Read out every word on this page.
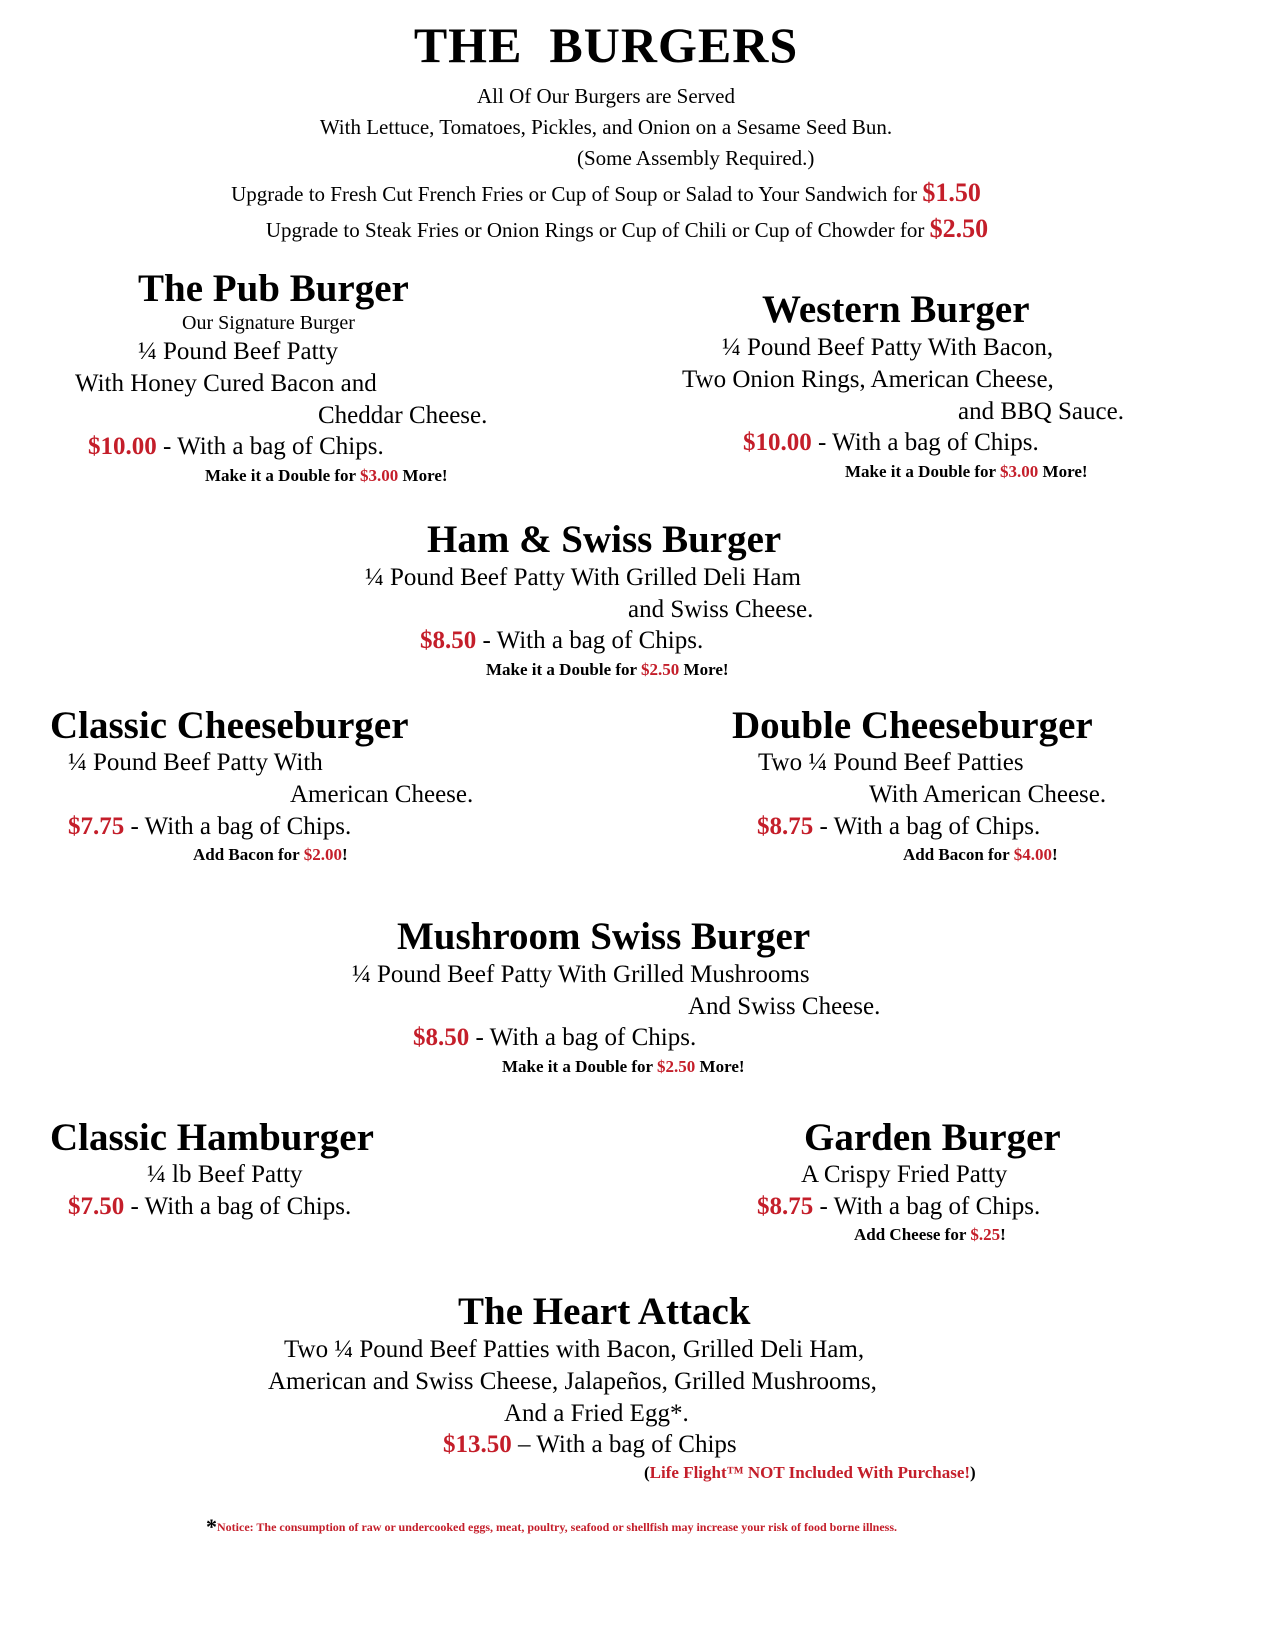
THE  BURGERS
All Of Our Burgers are Served
With Lettuce, Tomatoes, Pickles, and Onion on a Sesame Seed Bun.
(Some Assembly Required.)
Upgrade to Fresh Cut French Fries or Cup of Soup or Salad to Your Sandwich for $1.50
Upgrade to Steak Fries or Onion Rings or Cup of Chili or Cup of Chowder for $2.50
The Pub Burger
Our Signature Burger
¼ Pound Beef Patty
With Honey Cured Bacon and
Cheddar Cheese.
$10.00 - With a bag of Chips.
Make it a Double for $3.00 More!
Western Burger
¼ Pound Beef Patty With Bacon,
Two Onion Rings, American Cheese,
and BBQ Sauce.
$10.00 - With a bag of Chips.
Make it a Double for $3.00 More!
Ham & Swiss Burger
¼ Pound Beef Patty With Grilled Deli Ham
and Swiss Cheese.
$8.50 - With a bag of Chips.
Make it a Double for $2.50 More!
Classic Cheeseburger
¼ Pound Beef Patty With
American Cheese.
$7.75 - With a bag of Chips.
Add Bacon for $2.00!
Double Cheeseburger
Two ¼ Pound Beef Patties
With American Cheese.
$8.75 - With a bag of Chips.
Add Bacon for $4.00!
Mushroom Swiss Burger
¼ Pound Beef Patty With Grilled Mushrooms
And Swiss Cheese.
$8.50 - With a bag of Chips.
Make it a Double for $2.50 More!
Classic Hamburger
¼ lb Beef Patty
$7.50 - With a bag of Chips.
Garden Burger
A Crispy Fried Patty
$8.75 - With a bag of Chips.
Add Cheese for $.25!
The Heart Attack
Two ¼ Pound Beef Patties with Bacon, Grilled Deli Ham,
American and Swiss Cheese, Jalapeños, Grilled Mushrooms,
And a Fried Egg*.
$13.50 – With a bag of Chips
(Life Flight™ NOT Included With Purchase!)
*Notice: The consumption of raw or undercooked eggs, meat, poultry, seafood or shellfish may increase your risk of food borne illness.
